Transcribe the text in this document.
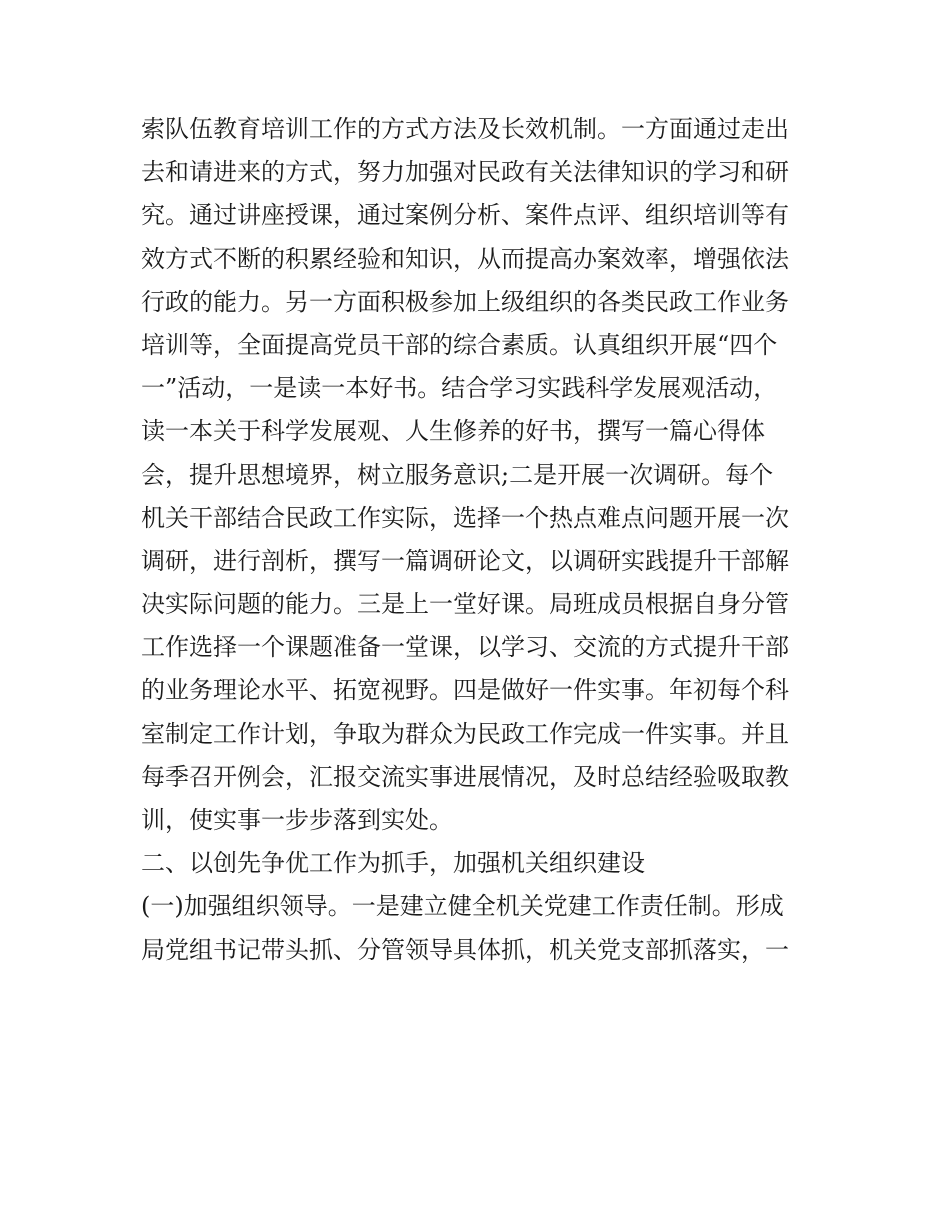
索队伍教育培训工作的方式方法及长效机制。一方面通过走出
去和请进来的方式，努力加强对民政有关法律知识的学习和研
究。通过讲座授课，通过案例分析、案件点评、组织培训等有
效方式不断的积累经验和知识，从而提高办案效率，增强依法
行政的能力。另一方面积极参加上级组织的各类民政工作业务
培训等，全面提高党员干部的综合素质。认真组织开展“四个
一”活动，一是读一本好书。结合学习实践科学发展观活动，
读一本关于科学发展观、人生修养的好书，撰写一篇心得体
会，提升思想境界，树立服务意识;二是开展一次调研。每个
机关干部结合民政工作实际，选择一个热点难点问题开展一次
调研，进行剖析，撰写一篇调研论文，以调研实践提升干部解
决实际问题的能力。三是上一堂好课。局班成员根据自身分管
工作选择一个课题准备一堂课，以学习、交流的方式提升干部
的业务理论水平、拓宽视野。四是做好一件实事。年初每个科
室制定工作计划，争取为群众为民政工作完成一件实事。并且
每季召开例会，汇报交流实事进展情况，及时总结经验吸取教
训，使实事一步步落到实处。
二、以创先争优工作为抓手，加强机关组织建设
(一)加强组织领导。一是建立健全机关党建工作责任制。形成
局党组书记带头抓、分管领导具体抓，机关党支部抓落实，一
